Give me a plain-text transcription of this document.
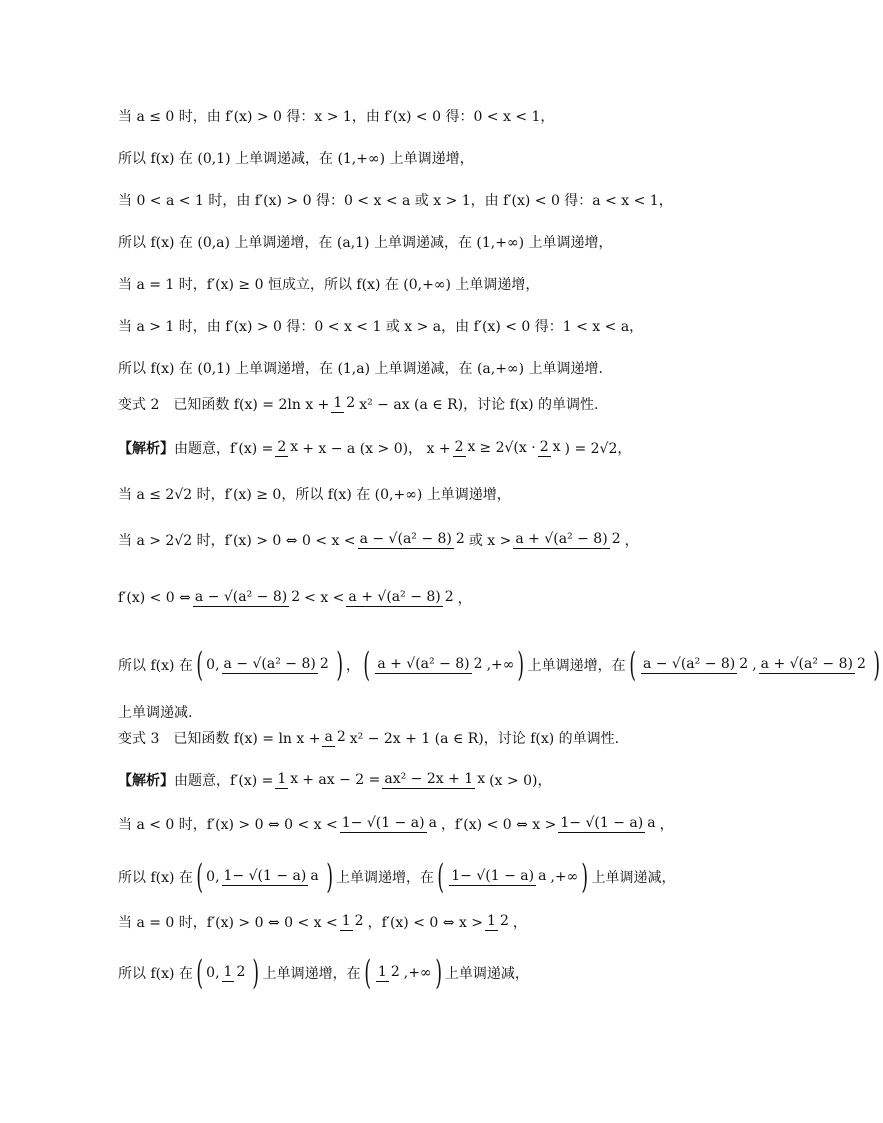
当 a ≤ 0 时，由 f′(x) > 0 得：x > 1，由 f′(x) < 0 得：0 < x < 1，
所以 f(x) 在 (0,1) 上单调递减，在 (1,+∞) 上单调递增，
当 0 < a < 1 时，由 f′(x) > 0 得：0 < x < a 或 x > 1，由 f′(x) < 0 得：a < x < 1，
所以 f(x) 在 (0,a) 上单调递增，在 (a,1) 上单调递减，在 (1,+∞) 上单调递增，
当 a = 1 时，f′(x) ≥ 0 恒成立，所以 f(x) 在 (0,+∞) 上单调递增，
当 a > 1 时，由 f′(x) > 0 得：0 < x < 1 或 x > a，由 f′(x) < 0 得：1 < x < a，
所以 f(x) 在 (0,1) 上单调递增，在 (1,a) 上单调递减，在 (a,+∞) 上单调递增.
变式 2　已知函数 f(x) = 2ln x + 1 2 x² − ax (a ∈ R)，讨论 f(x) 的单调性.
【解析】 由题意，f′(x) = 2 x + x − a (x > 0)， x + 2 x ≥ 2√(x · 2 x ) = 2√2，
当 a ≤ 2√2 时，f′(x) ≥ 0，所以 f(x) 在 (0,+∞) 上单调递增，
当 a > 2√2 时，f′(x) > 0 ⇔ 0 < x < a − √(a² − 8) 2 或 x > a + √(a² − 8) 2 ，
f′(x) < 0 ⇔ a − √(a² − 8) 2 < x < a + √(a² − 8) 2 ，
所以 f(x) 在 ( 0, a − √(a² − 8) 2 ) ， ( a + √(a² − 8) 2 ,+∞ ) 上单调递增，在 ( a − √(a² − 8) 2 , a + √(a² − 8) 2 )
上单调递减.
变式 3　已知函数 f(x) = ln x + a 2 x² − 2x + 1 (a ∈ R)，讨论 f(x) 的单调性.
【解析】 由题意，f′(x) = 1 x + ax − 2 = ax² − 2x + 1 x (x > 0)，
当 a < 0 时，f′(x) > 0 ⇔ 0 < x < 1− √(1 − a) a ，f′(x) < 0 ⇔ x > 1− √(1 − a) a ，
所以 f(x) 在 ( 0, 1− √(1 − a) a ) 上单调递增，在 ( 1− √(1 − a) a ,+∞ ) 上单调递减，
当 a = 0 时，f′(x) > 0 ⇔ 0 < x < 1 2 ，f′(x) < 0 ⇔ x > 1 2 ，
所以 f(x) 在 ( 0, 1 2 ) 上单调递增，在 ( 1 2 ,+∞ ) 上单调递减，
